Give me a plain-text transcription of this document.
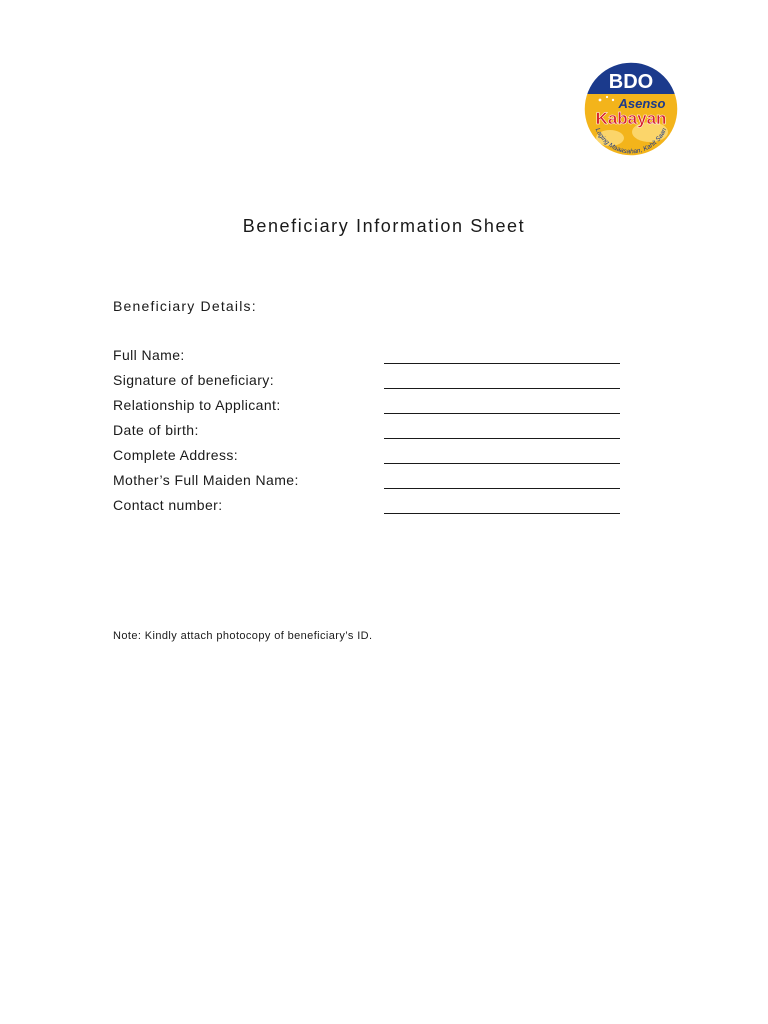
BDO
Asenso
Kabayan
Laging Maaasahan, Kahit Saan
Beneficiary Information Sheet
Beneficiary Details:
Full Name:
Signature of beneficiary:
Relationship to Applicant:
Date of birth:
Complete Address:
Mother’s Full Maiden Name:
Contact number:
Note: Kindly attach photocopy of beneficiary’s ID.
